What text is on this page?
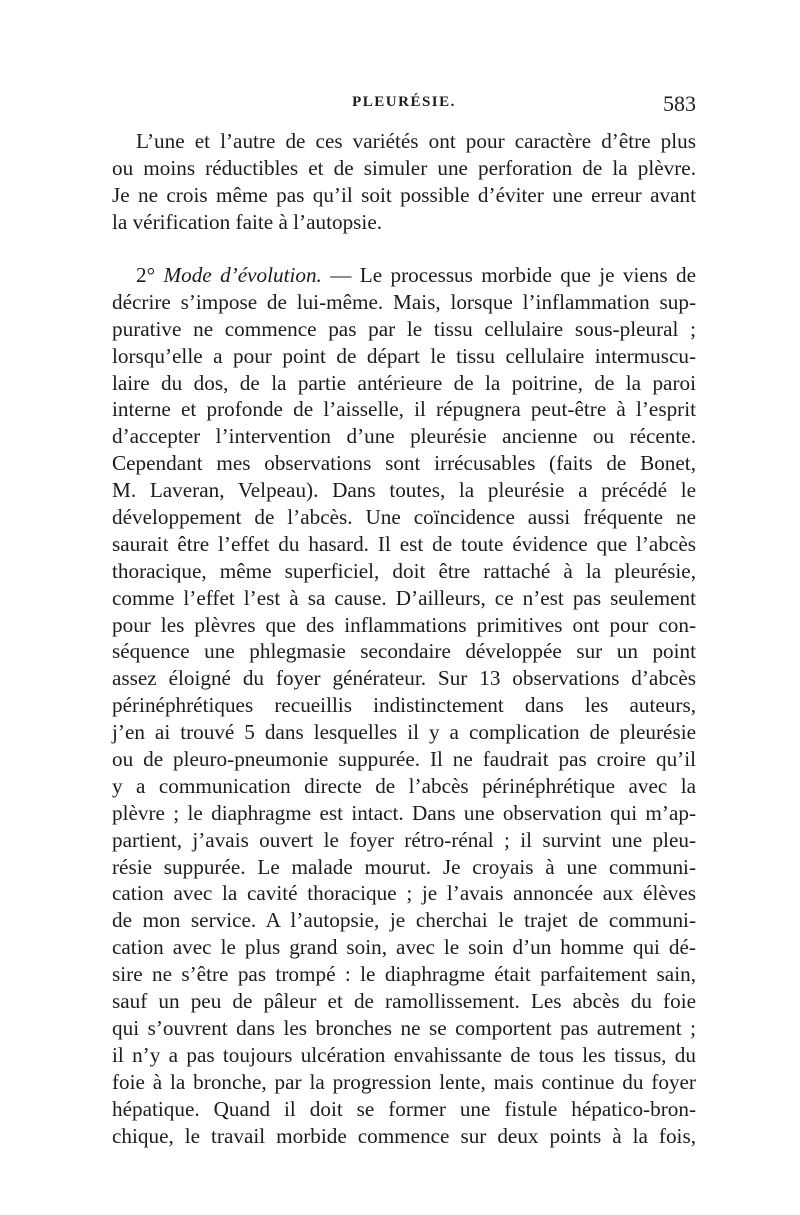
PLEURÉSIE.	583
L’une et l’autre de ces variétés ont pour caractère d’être plus
ou moins réductibles et de simuler une perforation de la plèvre.
Je ne crois même pas qu’il soit possible d’éviter une erreur avant
la vérification faite à l’autopsie.
2° Mode d’évolution. — Le processus morbide que je viens de
décrire s’impose de lui-même. Mais, lorsque l’inflammation sup-
purative ne commence pas par le tissu cellulaire sous-pleural ;
lorsqu’elle a pour point de départ le tissu cellulaire intermuscu-
laire du dos, de la partie antérieure de la poitrine, de la paroi
interne et profonde de l’aisselle, il répugnera peut-être à l’esprit
d’accepter l’intervention d’une pleurésie ancienne ou récente.
Cependant mes observations sont irrécusables (faits de Bonet,
M. Laveran, Velpeau). Dans toutes, la pleurésie a précédé le
développement de l’abcès. Une coïncidence aussi fréquente ne
saurait être l’effet du hasard. Il est de toute évidence que l’abcès
thoracique, même superficiel, doit être rattaché à la pleurésie,
comme l’effet l’est à sa cause. D’ailleurs, ce n’est pas seulement
pour les plèvres que des inflammations primitives ont pour con-
séquence une phlegmasie secondaire développée sur un point
assez éloigné du foyer générateur. Sur 13 observations d’abcès
périnéphrétiques recueillis indistinctement dans les auteurs,
j’en ai trouvé 5 dans lesquelles il y a complication de pleurésie
ou de pleuro-pneumonie suppurée. Il ne faudrait pas croire qu’il
y a communication directe de l’abcès périnéphrétique avec la
plèvre ; le diaphragme est intact. Dans une observation qui m’ap-
partient, j’avais ouvert le foyer rétro-rénal ; il survint une pleu-
résie suppurée. Le malade mourut. Je croyais à une communi-
cation avec la cavité thoracique ; je l’avais annoncée aux élèves
de mon service. A l’autopsie, je cherchai le trajet de communi-
cation avec le plus grand soin, avec le soin d’un homme qui dé-
sire ne s’être pas trompé : le diaphragme était parfaitement sain,
sauf un peu de pâleur et de ramollissement. Les abcès du foie
qui s’ouvrent dans les bronches ne se comportent pas autrement ;
il n’y a pas toujours ulcération envahissante de tous les tissus, du
foie à la bronche, par la progression lente, mais continue du foyer
hépatique. Quand il doit se former une fistule hépatico-bron-
chique, le travail morbide commence sur deux points à la fois,
